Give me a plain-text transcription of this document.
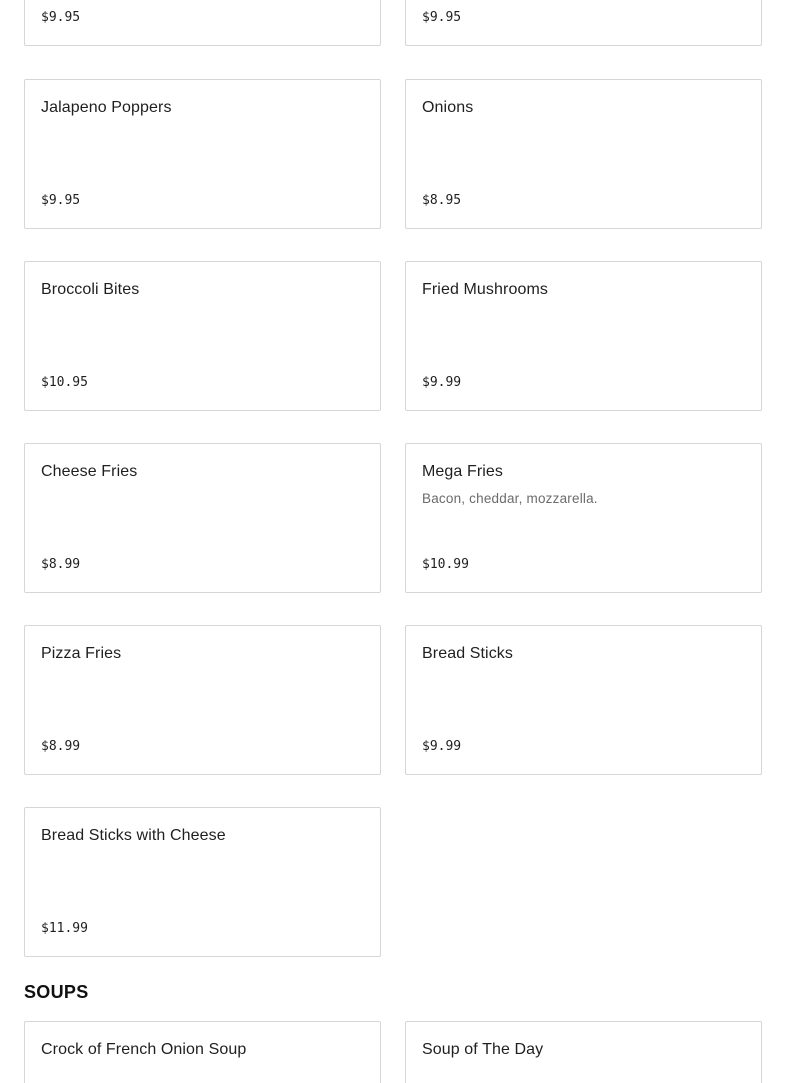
$9.95	$9.95
Jalapeno Poppers
$9.95
Onions
$8.95
Broccoli Bites
$10.95
Fried Mushrooms
$9.99
Cheese Fries
$8.99
Mega Fries
Bacon, cheddar, mozzarella.
$10.99
Pizza Fries
$8.99
Bread Sticks
$9.99
Bread Sticks with Cheese
$11.99
SOUPS
Crock of French Onion Soup	Soup of The Day
